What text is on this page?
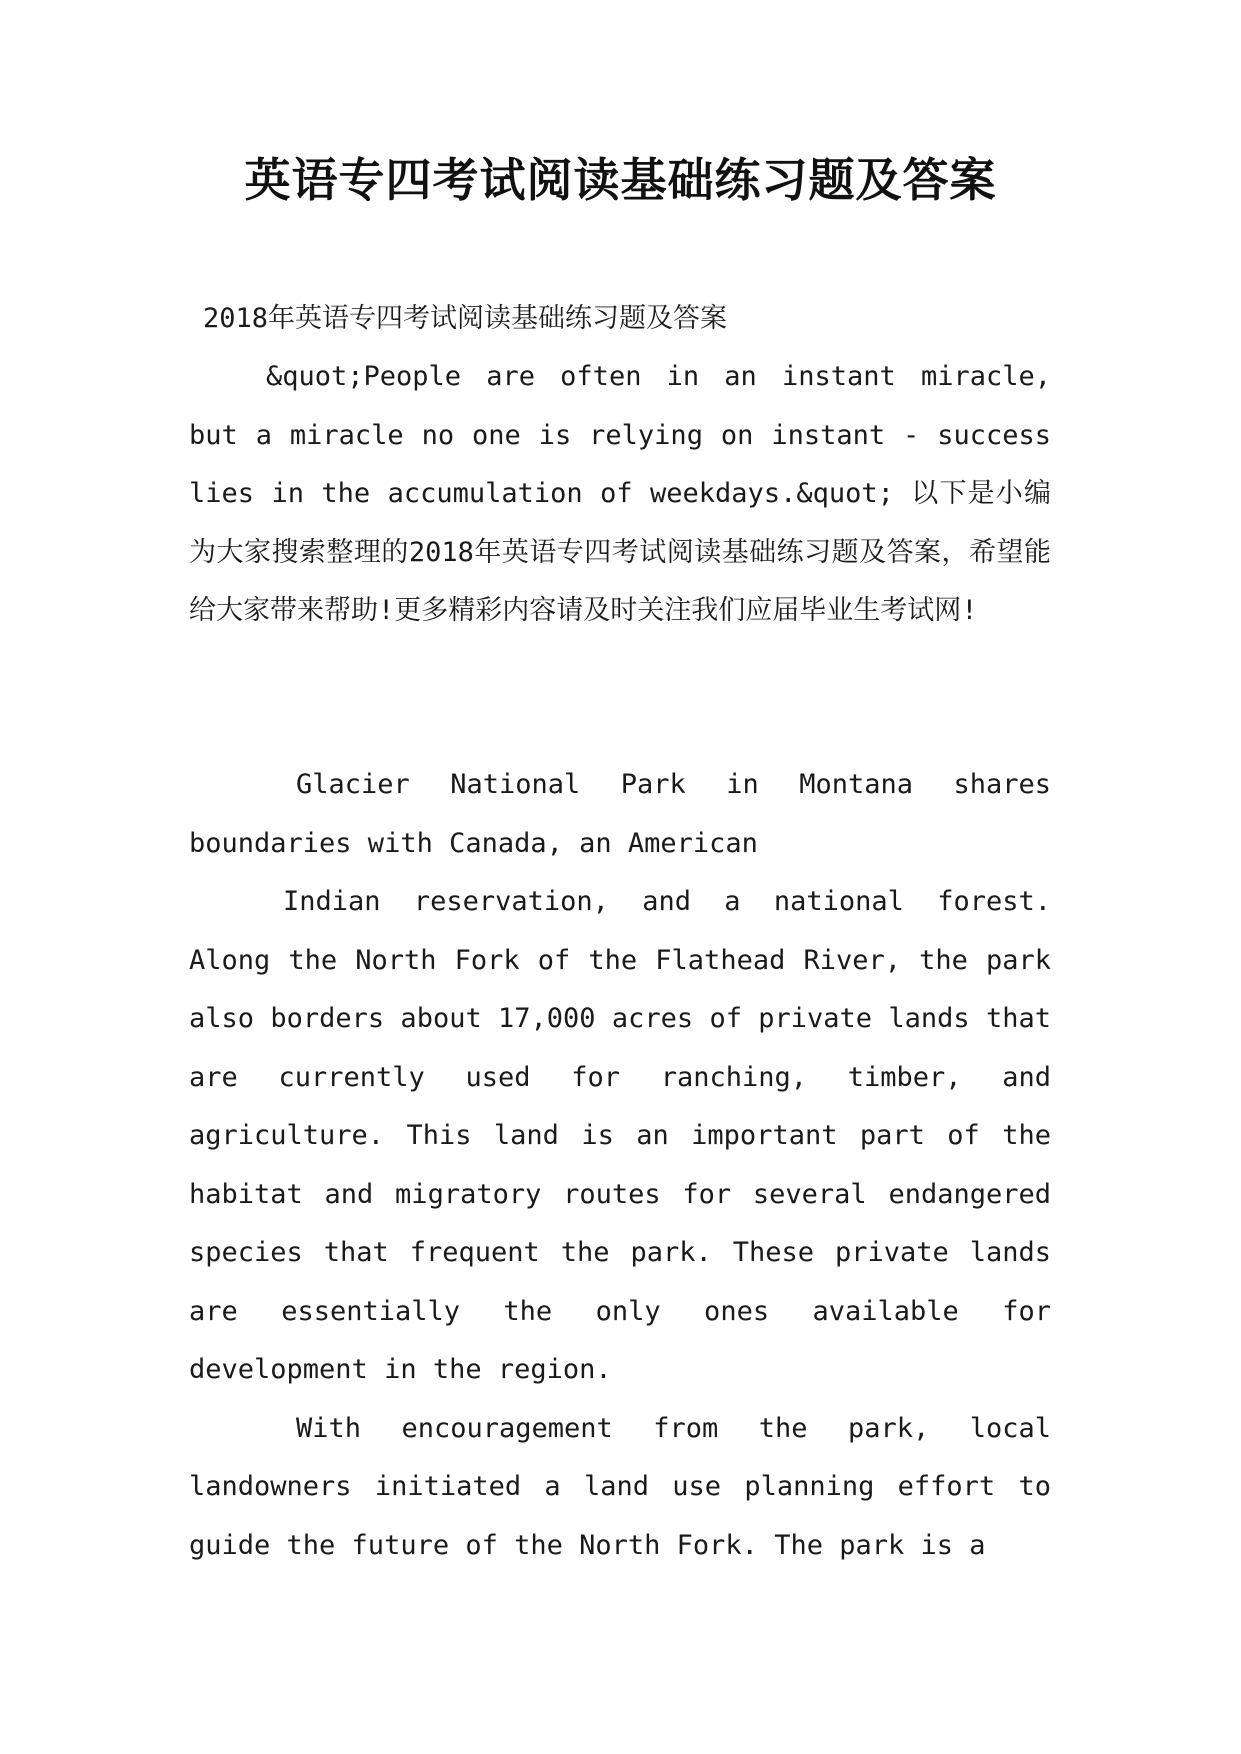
英语专四考试阅读基础练习题及答案
2018年英语专四考试阅读基础练习题及答案

&quot;People are often in an instant miracle, but a miracle no one is relying on instant - success lies in the accumulation of weekdays.&quot; 以下是小编为大家搜索整理的2018年英语专四考试阅读基础练习题及答案，希望能给大家带来帮助!更多精彩内容请及时关注我们应届毕业生考试网!

Glacier National Park in Montana shares boundaries with Canada, an American

Indian reservation, and a national forest. Along the North Fork of the Flathead River, the park also borders about 17,000 acres of private lands that are currently used for ranching, timber, and agriculture. This land is an important part of the habitat and migratory routes for several endangered species that frequent the park. These private lands are essentially the only ones available for development in the region.

With encouragement from the park, local landowners initiated a land use planning effort to guide the future of the North Fork. The park is a
